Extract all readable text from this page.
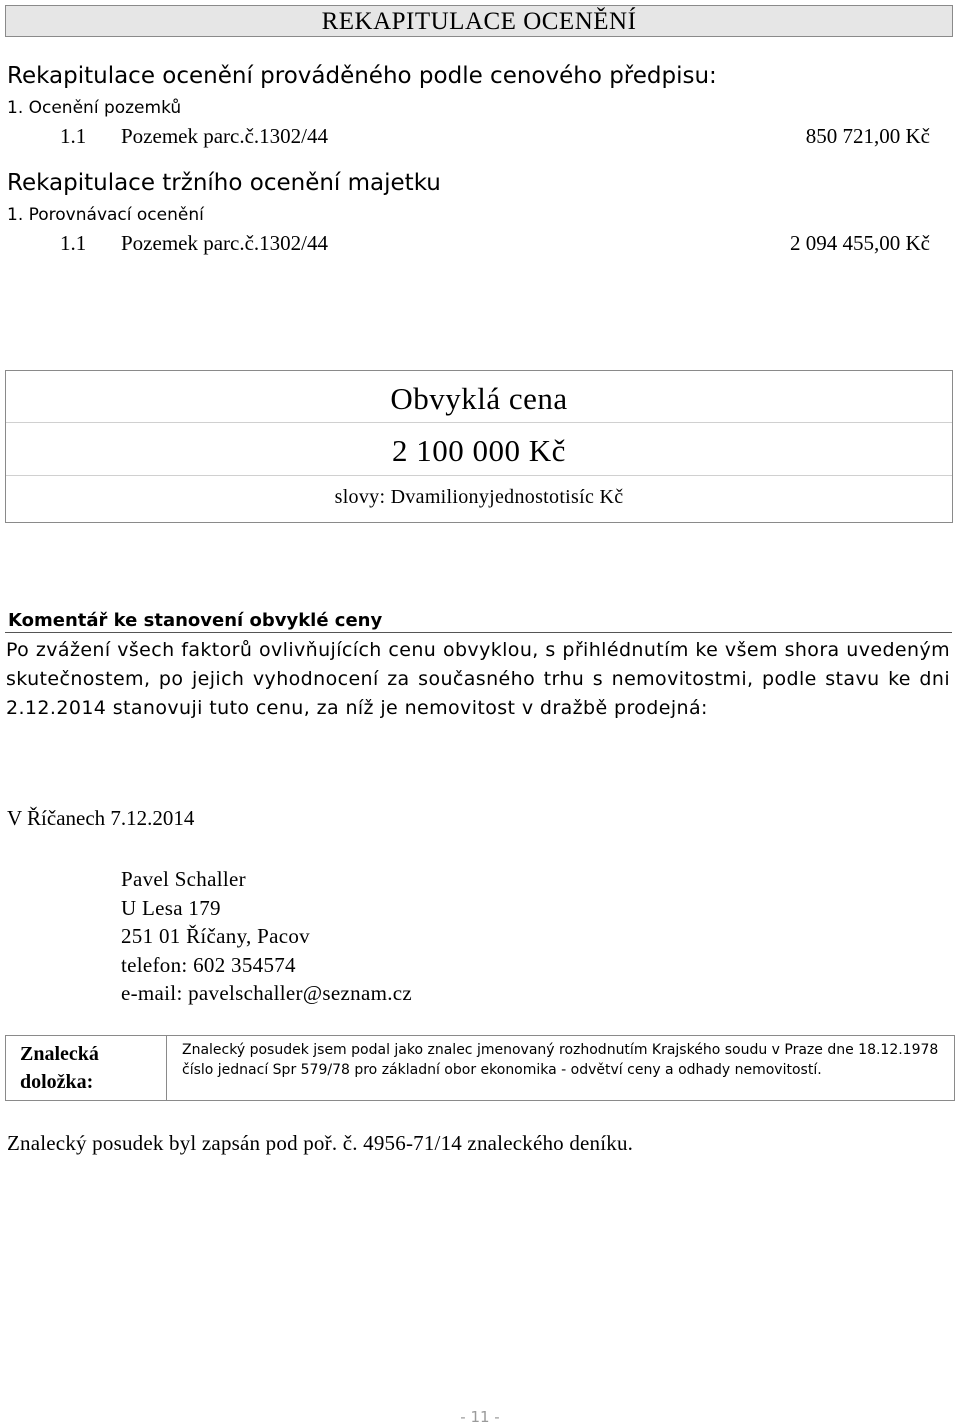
REKAPITULACE OCENĚNÍ
Rekapitulace ocenění prováděného podle cenového předpisu:
1. Ocenění pozemků
1.1 Pozemek parc.č.1302/44	850 721,00 Kč
Rekapitulace tržního ocenění majetku
1. Porovnávací ocenění
1.1 Pozemek parc.č.1302/44	2 094 455,00 Kč
Obvyklá cena
2 100 000 Kč
slovy: Dvamilionyjednostotisíc Kč
Komentář ke stanovení obvyklé ceny
Po zvážení všech faktorů ovlivňujících cenu obvyklou, s přihlédnutím ke všem shora uvedeným
skutečnostem, po jejich vyhodnocení za současného trhu s nemovitostmi, podle stavu ke dni
2.12.2014 stanovuji tuto cenu, za níž je nemovitost v dražbě prodejná:
V Říčanech 7.12.2014
Pavel Schaller
U Lesa 179
251 01 Říčany, Pacov
telefon: 602 354574
e-mail: pavelschaller@seznam.cz
Znalecká
doložka:
Znalecký posudek jsem podal jako znalec jmenovaný rozhodnutím Krajského soudu v Praze dne 18.12.1978 číslo jednací Spr 579/78 pro základní obor ekonomika - odvětví ceny a odhady nemovitostí.
Znalecký posudek byl zapsán pod poř. č. 4956-71/14 znaleckého deníku.
- 11 -
